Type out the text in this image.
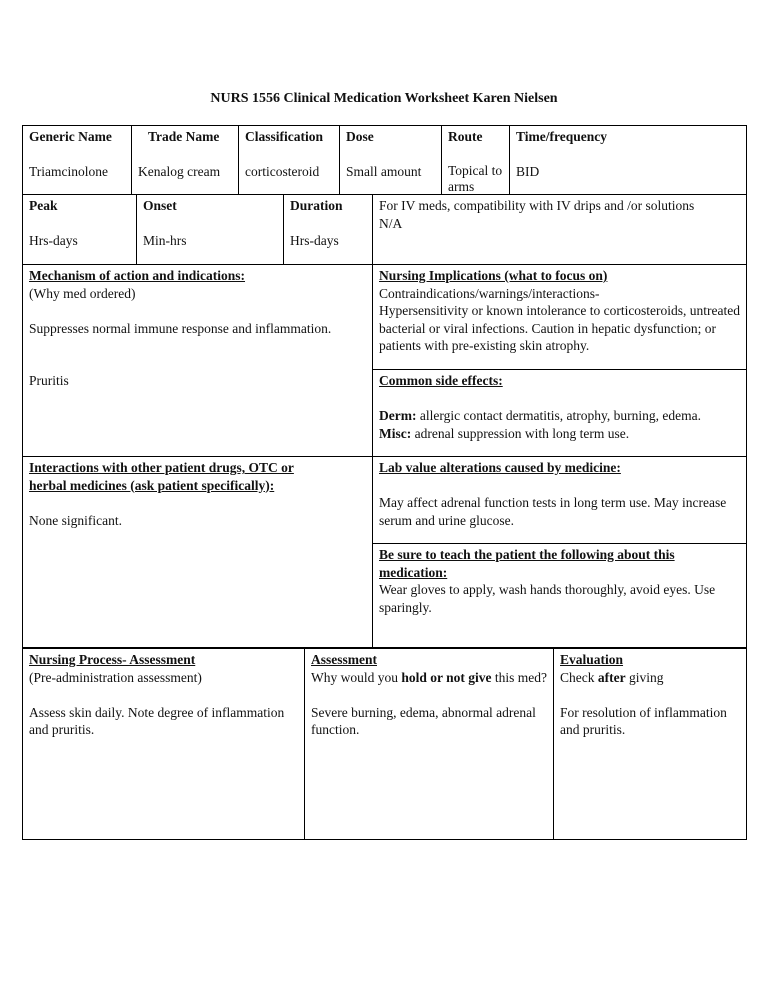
NURS 1556 Clinical Medication Worksheet Karen Nielsen

Generic Name

Triamcinolone

Trade Name

Kenalog cream

Classification

corticosteroid

Dose

Small amount

Route

Topical to arms

Time/frequency

BID

Peak

Hrs-days

Onset

Min-hrs

Duration

Hrs-days

For IV meds, compatibility with IV drips and /or solutions

N/A

Mechanism of action and indications:

(Why med ordered)

Suppresses normal immune response and inflammation.

Pruritis

Nursing Implications (what to focus on)

Contraindications/warnings/interactions-

Hypersensitivity or known intolerance to corticosteroids, untreated bacterial or viral infections. Caution in hepatic dysfunction; or patients with pre-existing skin atrophy.

Common side effects:

Derm: allergic contact dermatitis, atrophy, burning, edema.

Misc: adrenal suppression with long term use.

Interactions with other patient drugs, OTC or herbal medicines (ask patient specifically):

None significant.

Lab value alterations caused by medicine:

May affect adrenal function tests in long term use. May increase serum and urine glucose.

Be sure to teach the patient the following about this medication:

Wear gloves to apply, wash hands thoroughly, avoid eyes. Use sparingly.

Nursing Process- Assessment

(Pre-administration assessment)

Assess skin daily. Note degree of inflammation and pruritis.

Assessment

Why would you hold or not give this med?

Severe burning, edema, abnormal adrenal function.

Evaluation

Check after giving

For resolution of inflammation and pruritis.
